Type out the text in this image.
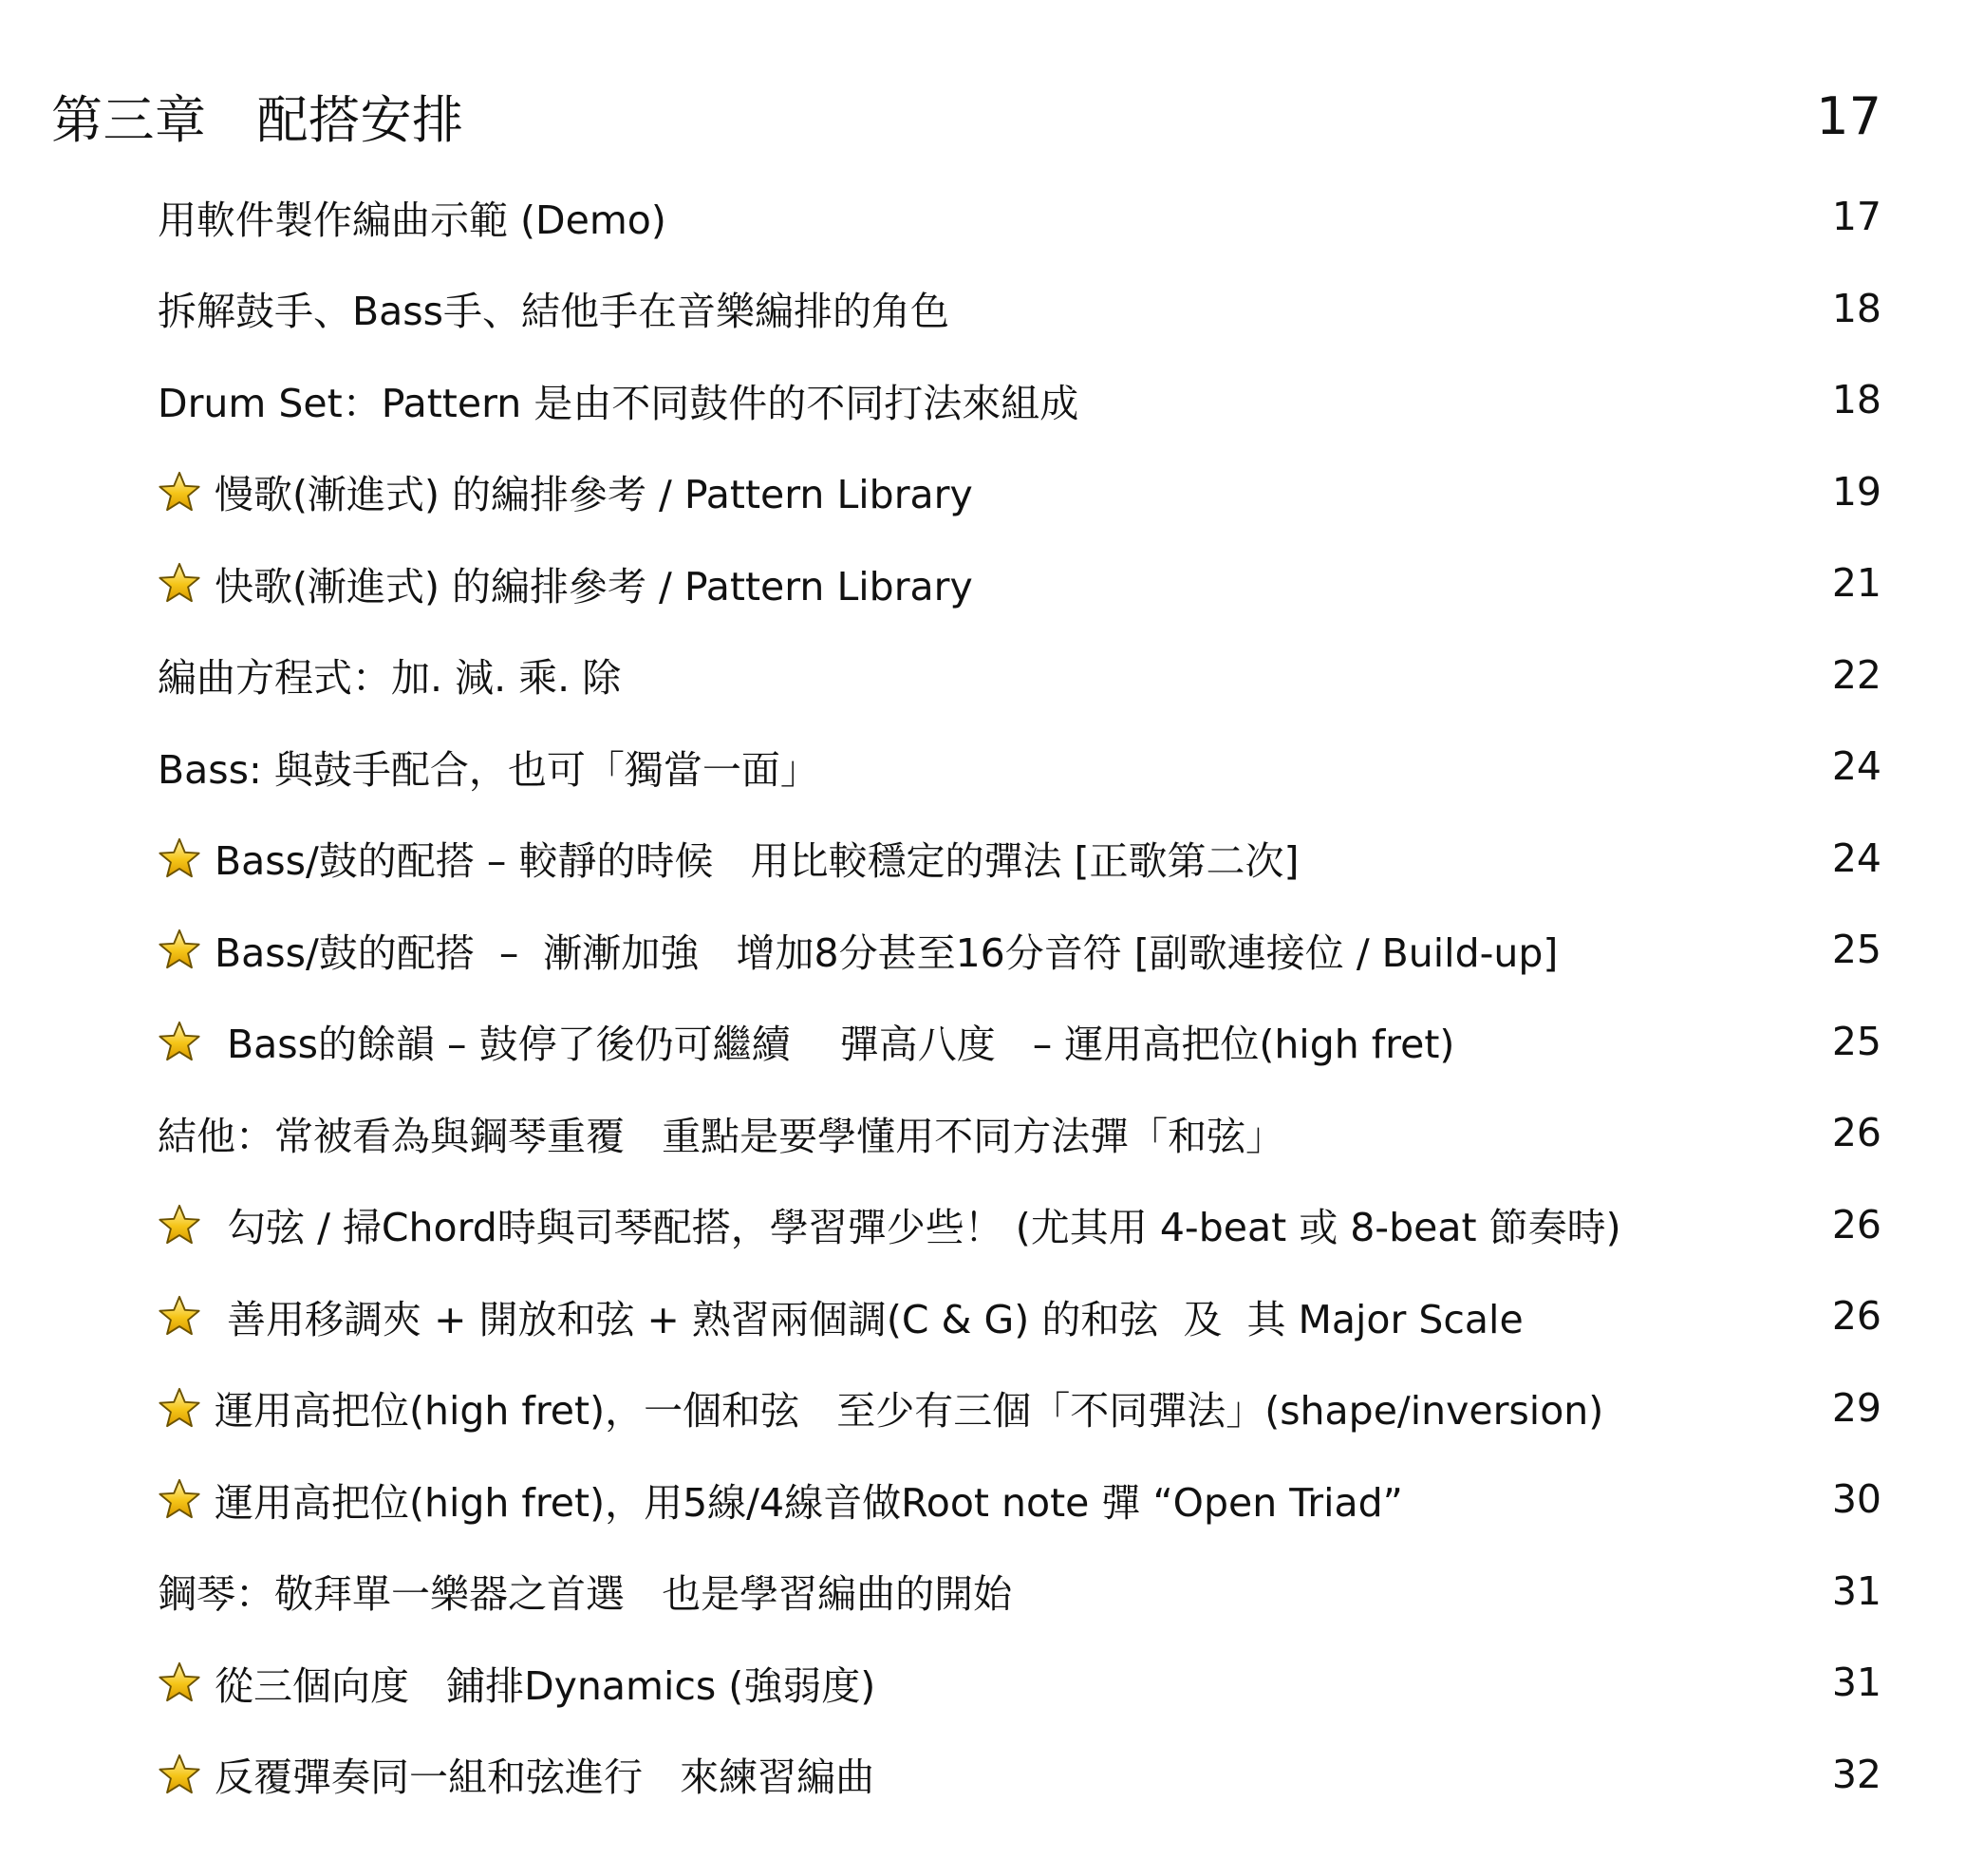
第三章   配搭安排	17
用軟件製作編曲示範 (Demo)	17
拆解鼓手、Bass手、結他手在音樂編排的角色	18
Drum Set：Pattern 是由不同鼓件的不同打法來組成	18
慢歌(漸進式) 的編排參考 / Pattern Library	19
快歌(漸進式) 的編排參考 / Pattern Library	21
編曲方程式：加. 減. 乘. 除	22
Bass: 與鼓手配合，也可「獨當一面」	24
Bass/鼓的配搭 – 較靜的時候   用比較穩定的彈法 [正歌第二次]	24
Bass/鼓的配搭  –  漸漸加強   增加8分甚至16分音符 [副歌連接位 / Build-up]	25
Bass的餘韻 – 鼓停了後仍可繼續    彈高八度   – 運用高把位(high fret)	25
結他：常被看為與鋼琴重覆   重點是要學懂用不同方法彈「和弦」	26
勾弦 / 掃Chord時與司琴配搭，學習彈少些！ (尤其用 4-beat 或 8-beat 節奏時)	26
善用移調夾 + 開放和弦 + 熟習兩個調(C & G) 的和弦  及  其 Major Scale	26
運用高把位(high fret)，一個和弦   至少有三個「不同彈法」(shape/inversion)	29
運用高把位(high fret)，用5線/4線音做Root note 彈 “Open Triad”	30
鋼琴：敬拜單一樂器之首選   也是學習編曲的開始	31
從三個向度   鋪排Dynamics (強弱度)	31
反覆彈奏同一組和弦進行   來練習編曲	32
